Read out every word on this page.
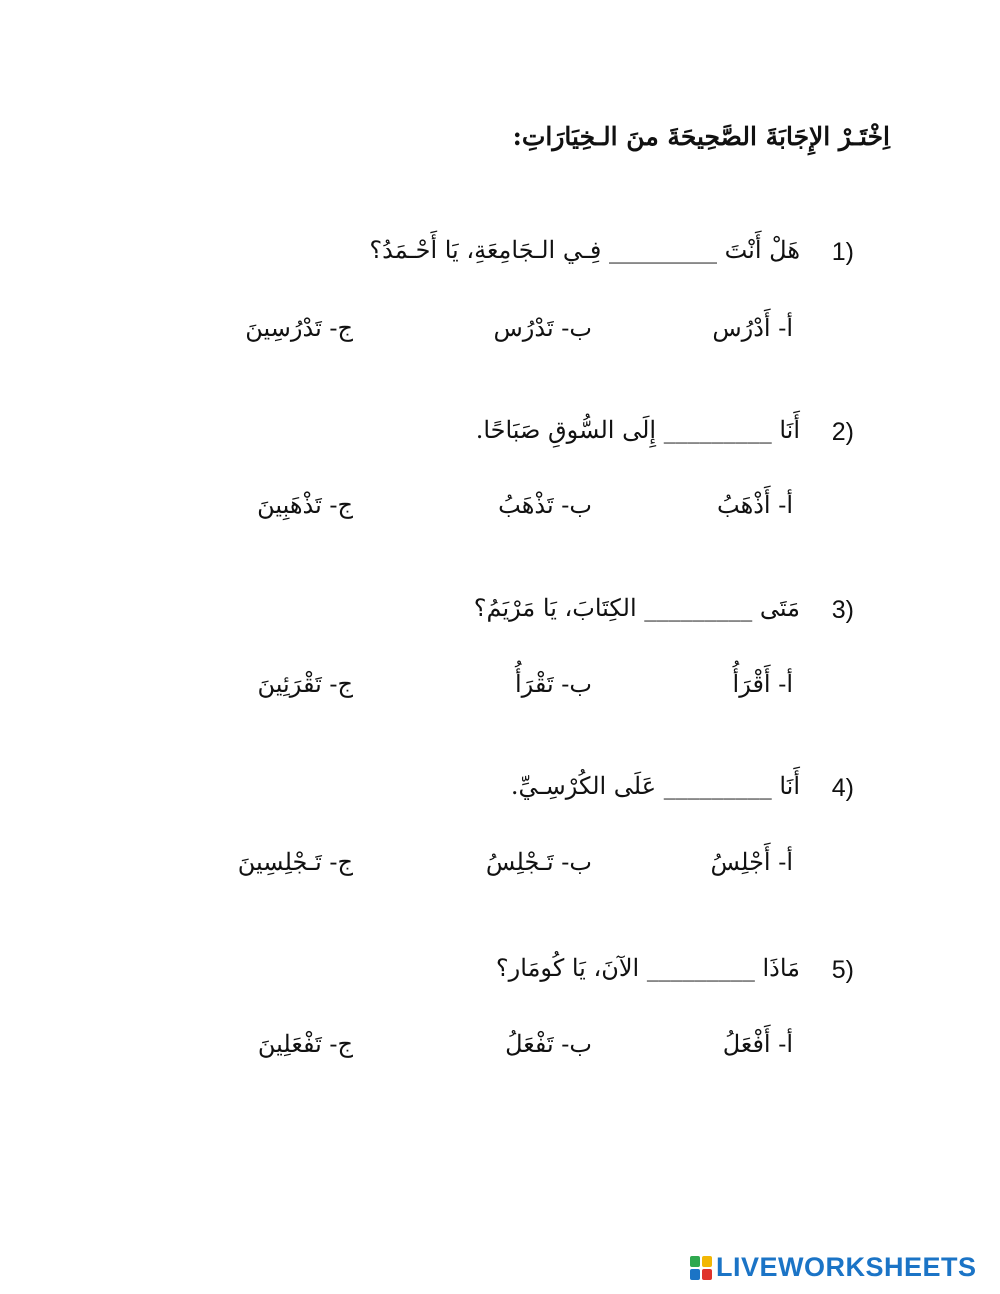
اِخْتَـرْ الإِجَابَةَ الصَّحِيحَةَ منَ الـخِيَارَاتِ:
1)
هَلْ أَنْتَ _________ فِـي الـجَامِعَةِ، يَا أَحْـمَدُ؟
أ- أَدْرُس
ب- تَدْرُس
ج- تَدْرُسِينَ
2)
أَنَا _________ إِلَى السُّوقِ صَبَاحًا.
أ- أَذْهَبُ
ب- تَذْهَبُ
ج- تَذْهَبِينَ
3)
مَتَى _________ الكِتَابَ، يَا مَرْيَمُ؟
أ- أَقْرَأُ
ب- تَقْرَأُ
ج- تَقْرَئِينَ
4)
أَنَا _________ عَلَى الكُرْسِـيِّ.
أ- أَجْلِسُ
ب- تَـجْلِسُ
ج- تَـجْلِسِينَ
5)
مَاذَا _________ الآنَ، يَا كُومَار؟
أ- أَفْعَلُ
ب- تَفْعَلُ
ج- تَفْعَلِينَ
LIVEWORKSHEETS
